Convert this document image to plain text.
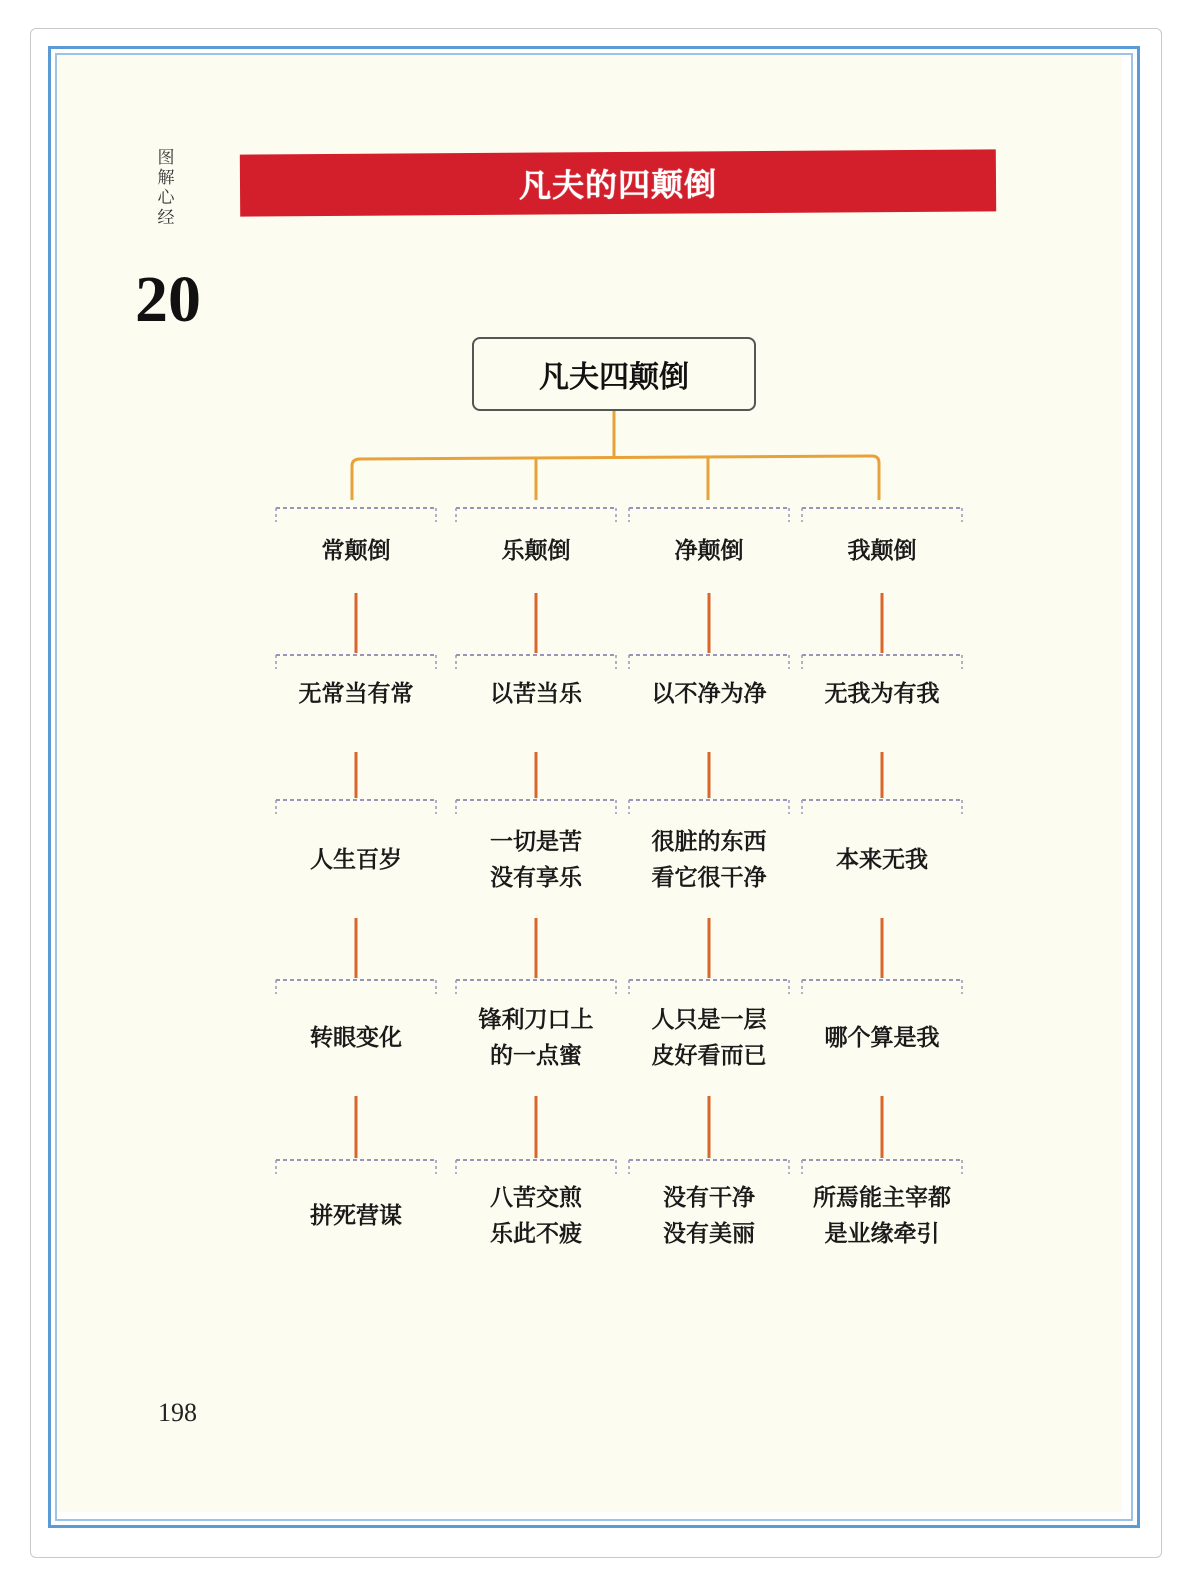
图解心经
20
凡夫的四颠倒
凡夫四颠倒
常颠倒
无常当有常
人生百岁
转眼变化
拼死营谋
乐颠倒
以苦当乐
一切是苦
没有享乐
锋利刀口上
的一点蜜
八苦交煎
乐此不疲
净颠倒
以不净为净
很脏的东西
看它很干净
人只是一层
皮好看而已
没有干净
没有美丽
我颠倒
无我为有我
本来无我
哪个算是我
所焉能主宰都
是业缘牵引
198
